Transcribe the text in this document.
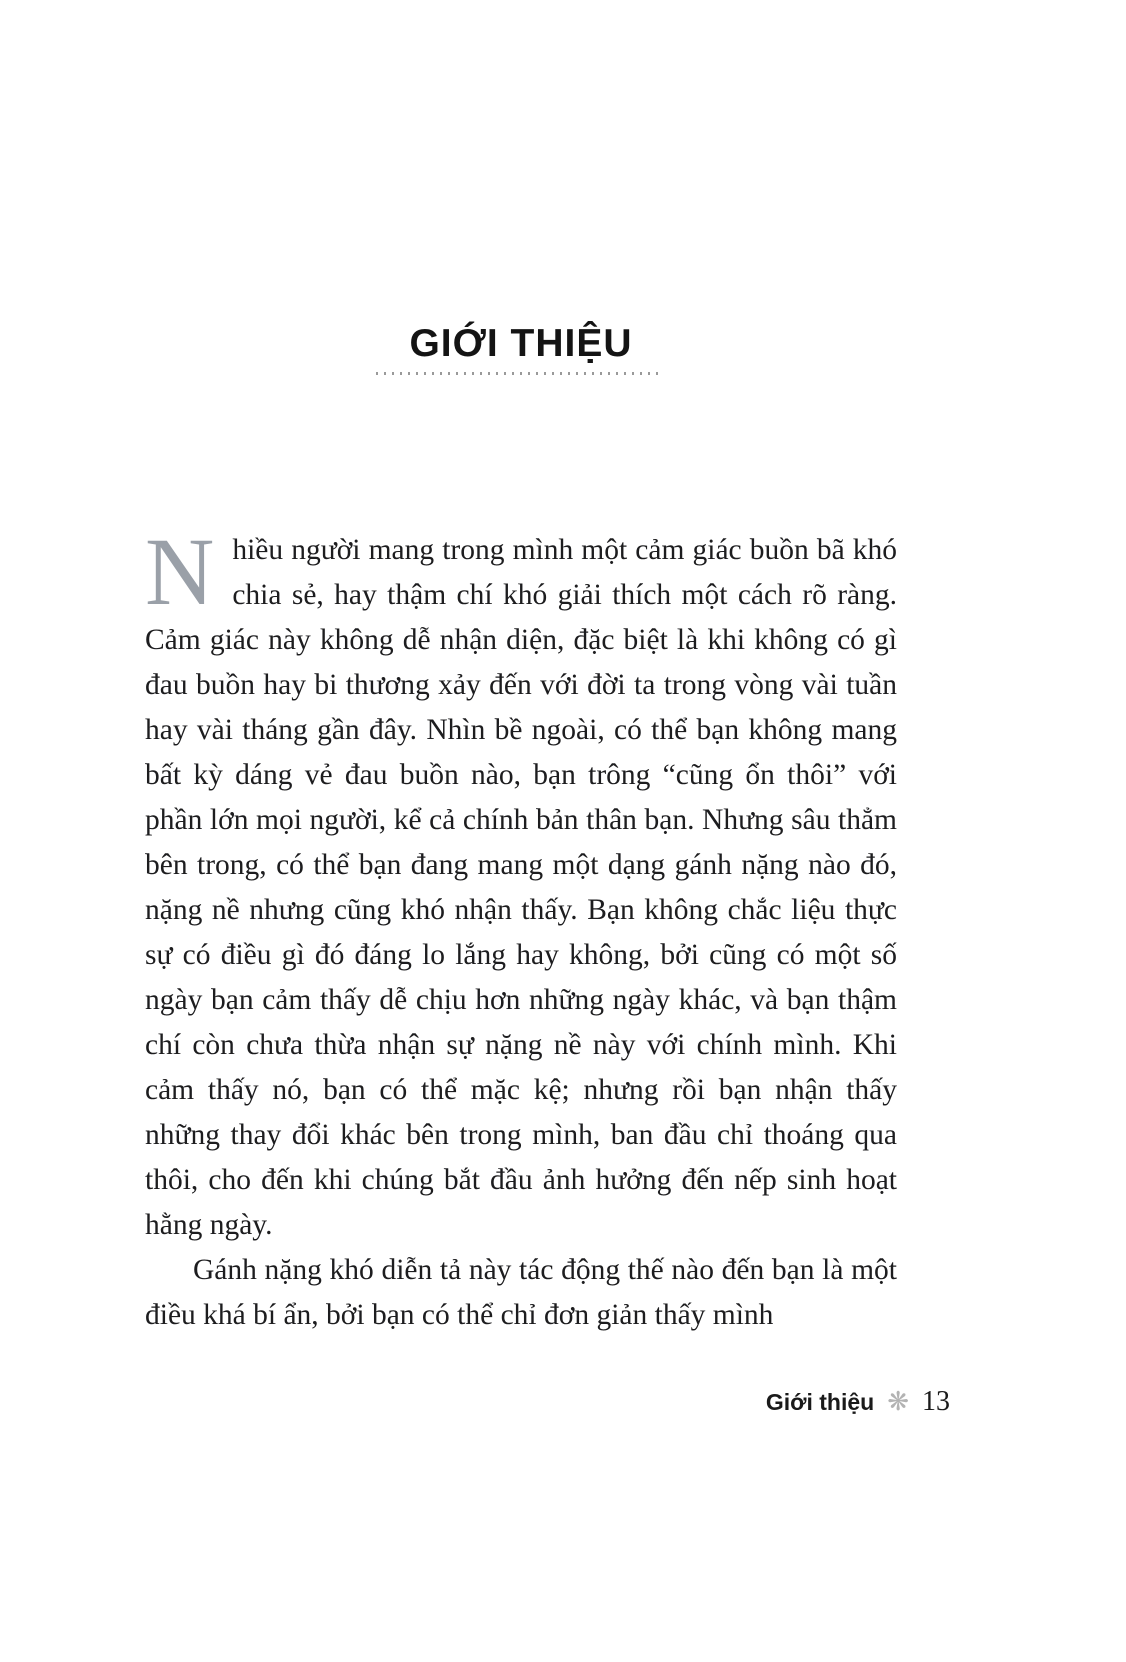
GIỚI THIỆU

Nhiều người mang trong mình một cảm giác buồn bã khó chia sẻ, hay thậm chí khó giải thích một cách rõ ràng. Cảm giác này không dễ nhận diện, đặc biệt là khi không có gì đau buồn hay bi thương xảy đến với đời ta trong vòng vài tuần hay vài tháng gần đây. Nhìn bề ngoài, có thể bạn không mang bất kỳ dáng vẻ đau buồn nào, bạn trông “cũng ổn thôi” với phần lớn mọi người, kể cả chính bản thân bạn. Nhưng sâu thẳm bên trong, có thể bạn đang mang một dạng gánh nặng nào đó, nặng nề nhưng cũng khó nhận thấy. Bạn không chắc liệu thực sự có điều gì đó đáng lo lắng hay không, bởi cũng có một số ngày bạn cảm thấy dễ chịu hơn những ngày khác, và bạn thậm chí còn chưa thừa nhận sự nặng nề này với chính mình. Khi cảm thấy nó, bạn có thể mặc kệ; nhưng rồi bạn nhận thấy những thay đổi khác bên trong mình, ban đầu chỉ thoáng qua thôi, cho đến khi chúng bắt đầu ảnh hưởng đến nếp sinh hoạt hằng ngày.

Gánh nặng khó diễn tả này tác động thế nào đến bạn là một điều khá bí ẩn, bởi bạn có thể chỉ đơn giản thấy mình

Giới thiệu ❋ 13
